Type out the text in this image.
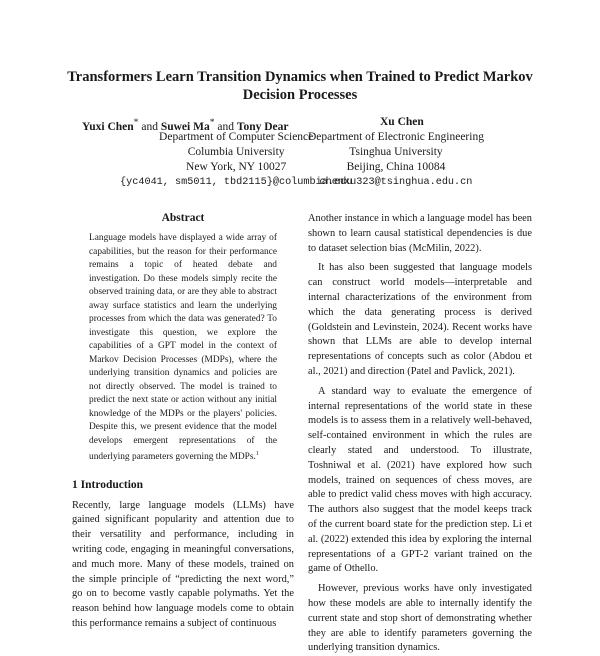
Transformers Learn Transition Dynamics when Trained to Predict Markov Decision Processes
Yuxi Chen* and Suwei Ma* and Tony Dear	Xu Chen
Department of Computer Science
Columbia University
New York, NY 10027
{yc4041, sm5011, tbd2115}@columbia.edu
Department of Electronic Engineering
Tsinghua University
Beijing, China 10084
chenxu323@tsinghua.edu.cn
Abstract

Language models have displayed a wide array of capabilities, but the reason for their performance remains a topic of heated debate and investigation. Do these models simply recite the observed training data, or are they able to abstract away surface statistics and learn the underlying processes from which the data was generated? To investigate this question, we explore the capabilities of a GPT model in the context of Markov Decision Processes (MDPs), where the underlying transition dynamics and policies are not directly observed. The model is trained to predict the next state or action without any initial knowledge of the MDPs or the players' policies. Despite this, we present evidence that the model develops emergent representations of the underlying parameters governing the MDPs.$^1$

1 Introduction

Recently, large language models (LLMs) have gained significant popularity and attention due to their versatility and performance, including in writing code, engaging in meaningful conversations, and much more. Many of these models, trained on the simple principle of “predicting the next word,” go on to become vastly capable polymaths. Yet the reason behind how language models come to obtain this performance remains a subject of continuous

Another instance in which a language model has been shown to learn causal statistical dependencies is due to dataset selection bias (McMilin, 2022).

It has also been suggested that language models can construct world models—interpretable and internal characterizations of the environment from which the data generating process is derived (Goldstein and Levinstein, 2024). Recent works have shown that LLMs are able to develop internal representations of concepts such as color (Abdou et al., 2021) and direction (Patel and Pavlick, 2021).

A standard way to evaluate the emergence of internal representations of the world state in these models is to assess them in a relatively well-behaved, self-contained environment in which the rules are clearly stated and understood. To illustrate, Toshniwal et al. (2021) have explored how such models, trained on sequences of chess moves, are able to predict valid chess moves with high accuracy. The authors also suggest that the model keeps track of the current board state for the prediction step. Li et al. (2022) extended this idea by exploring the internal representations of a GPT-2 variant trained on the game of Othello.

However, previous works have only investigated how these models are able to internally identify the current state and stop short of demonstrating whether they are able to identify parameters governing the underlying transition dynamics.
